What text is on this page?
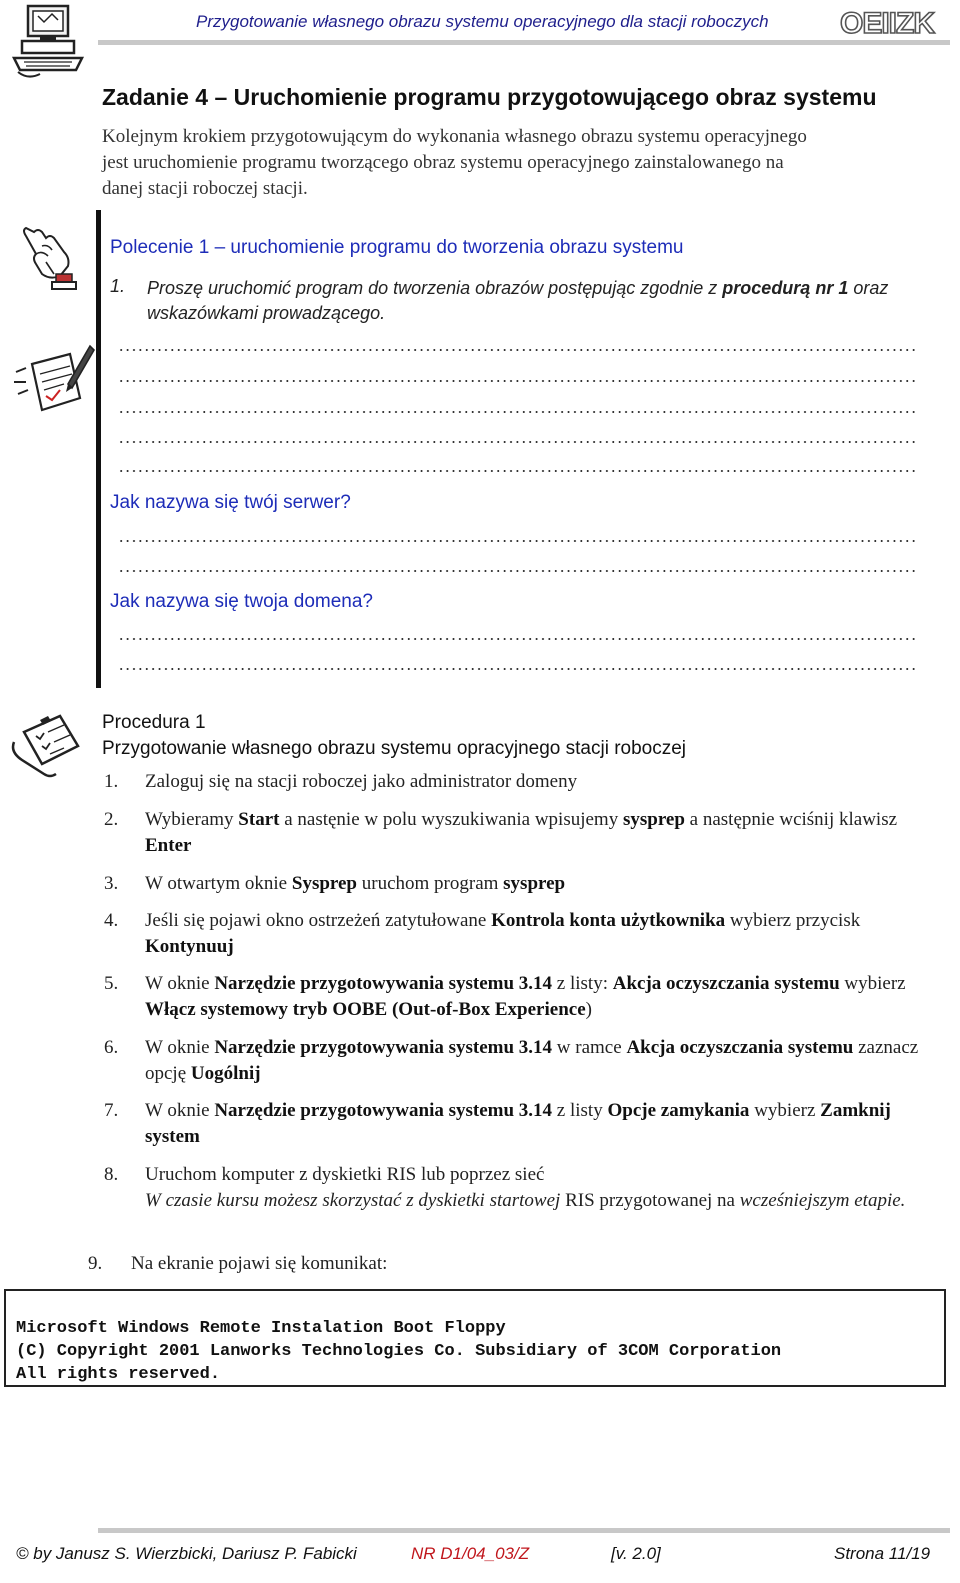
Przygotowanie własnego obrazu systemu operacyjnego dla stacji roboczych OEIIZK
Zadanie 4 – Uruchomienie programu przygotowującego obraz systemu
Kolejnym krokiem przygotowującym do wykonania własnego obrazu systemu operacyjnego
jest uruchomienie programu tworzącego obraz systemu operacyjnego zainstalowanego na
danej stacji roboczej stacji.
Polecenie 1 – uruchomienie programu do tworzenia obrazu systemu
1. Proszę uruchomić program do tworzenia obrazów postępując zgodnie z procedurą nr 1 oraz wskazówkami prowadzącego.
Jak nazywa się twój serwer?
Jak nazywa się twoja domena?
Procedura 1
Przygotowanie własnego obrazu systemu opracyjnego stacji roboczej
1. Zaloguj się na stacji roboczej jako administrator domeny
2. Wybieramy Start a nastęnie w polu wyszukiwania wpisujemy sysprep a następnie wciśnij klawisz Enter
3. W otwartym oknie Sysprep uruchom program sysprep
4. Jeśli się pojawi okno ostrzeżeń zatytułowane Kontrola konta użytkownika wybierz przycisk Kontynuuj
5. W oknie Narzędzie przygotowywania systemu 3.14 z listy: Akcja oczyszczania systemu wybierz Włącz systemowy tryb OOBE (Out-of-Box Experience)
6. W oknie Narzędzie przygotowywania systemu 3.14 w ramce Akcja oczyszczania systemu zaznacz opcję Uogólnij
7. W oknie Narzędzie przygotowywania systemu 3.14 z listy Opcje zamykania wybierz Zamknij system
8. Uruchom komputer z dyskietki RIS lub poprzez sieć
W czasie kursu możesz skorzystać z dyskietki startowej RIS przygotowanej na wcześniejszym etapie.
9. Na ekranie pojawi się komunikat:
Microsoft Windows Remote Instalation Boot Floppy
(C) Copyright 2001 Lanworks Technologies Co. Subsidiary of 3COM Corporation
All rights reserved.
© by Janusz S. Wierzbicki, Dariusz P. Fabicki	NR D1/04_03/Z	[v. 2.0]	Strona 11/19
